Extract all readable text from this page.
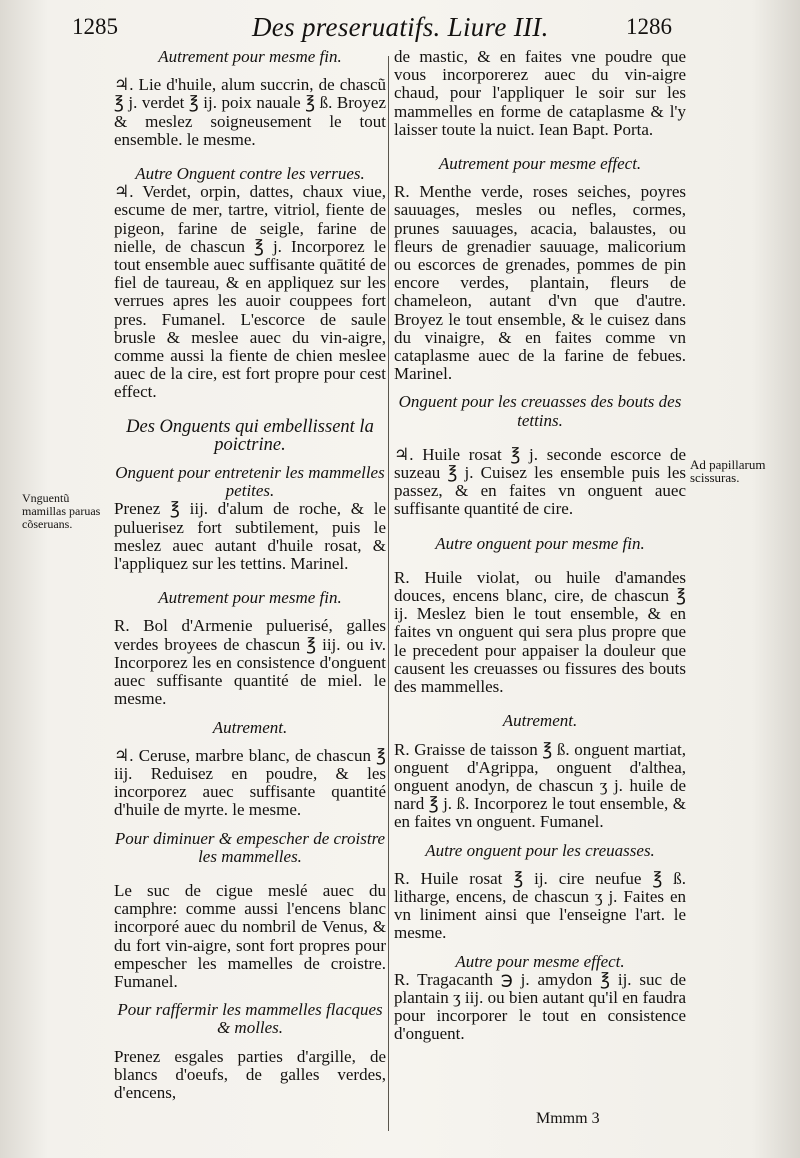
1285	Des preseruatifs. Liure III.	1286
Vnguentũ mamillas paruas cõseruans.
Ad papillarum scissuras.

Autrement pour mesme fin.

♃. Lie d'huile, alum succrin, de chascũ ℥ j. verdet ℥ ij. poix nauale ℥ ß. Broyez & meslez soigneusement le tout ensemble. le mesme.

Autre Onguent contre les verrues.

♃. Verdet, orpin, dattes, chaux viue, escume de mer, tartre, vitriol, fiente de pigeon, farine de seigle, farine de nielle, de chascun ℥ j. Incorporez le tout ensemble auec suffisante quātité de fiel de taureau, & en appliquez sur les verrues apres les auoir couppees fort pres. Fumanel. L'escorce de saule brusle & meslee auec du vin-aigre, comme aussi la fiente de chien meslee auec de la cire, est fort propre pour cest effect.

Des Onguents qui embellissent la poictrine.

Onguent pour entretenir les mammelles petites.

Prenez ℥ iij. d'alum de roche, & le puluerisez fort subtilement, puis le meslez auec autant d'huile rosat, & l'appliquez sur les tettins. Marinel.

Autrement pour mesme fin.

R. Bol d'Armenie puluerisé, galles verdes broyees de chascun ℥ iij. ou iv. Incorporez les en consistence d'onguent auec suffisante quantité de miel. le mesme.

Autrement.

♃. Ceruse, marbre blanc, de chascun ℥ iij. Reduisez en poudre, & les incorporez auec suffisante quantité d'huile de myrte. le mesme.

Pour diminuer & empescher de croistre les mammelles.

Le suc de cigue meslé auec du camphre: comme aussi l'encens blanc incorporé auec du nombril de Venus, & du fort vin-aigre, sont fort propres pour empescher les mamelles de croistre. Fumanel.

Pour raffermir les mammelles flacques & molles.

Prenez esgales parties d'argille, de blancs d'oeufs, de galles verdes, d'encens,

de mastic, & en faites vne poudre que vous incorporerez auec du vin-aigre chaud, pour l'appliquer le soir sur les mammelles en forme de cataplasme & l'y laisser toute la nuict. Iean Bapt. Porta.

Autrement pour mesme effect.

R. Menthe verde, roses seiches, poyres sauuages, mesles ou nefles, cormes, prunes sauuages, acacia, balaustes, ou fleurs de grenadier sauuage, malicorium ou escorces de grenades, pommes de pin encore verdes, plantain, fleurs de chameleon, autant d'vn que d'autre. Broyez le tout ensemble, & le cuisez dans du vinaigre, & en faites comme vn cataplasme auec de la farine de febues. Marinel.

Onguent pour les creuasses des bouts des tettins.

♃. Huile rosat ℥ j. seconde escorce de suzeau ℥ j. Cuisez les ensemble puis les passez, & en faites vn onguent auec suffisante quantité de cire.

Autre onguent pour mesme fin.

R. Huile violat, ou huile d'amandes douces, encens blanc, cire, de chascun ℥ ij. Meslez bien le tout ensemble, & en faites vn onguent qui sera plus propre que le precedent pour appaiser la douleur que causent les creuasses ou fissures des bouts des mammelles.

Autrement.

R. Graisse de taisson ℥ ß. onguent martiat, onguent d'Agrippa, onguent d'althea, onguent anodyn, de chascun ʒ j. huile de nard ℥ j. ß. Incorporez le tout ensemble, & en faites vn onguent. Fumanel.

Autre onguent pour les creuasses.

R. Huile rosat ℥ ij. cire neufue ℥ ß. litharge, encens, de chascun ʒ j. Faites en vn liniment ainsi que l'enseigne l'art. le mesme.

Autre pour mesme effect.

R. Tragacanth ℈ j. amydon ℥ ij. suc de plantain ʒ iij. ou bien autant qu'il en faudra pour incorporer le tout en consistence d'onguent.

Mmmm 3
